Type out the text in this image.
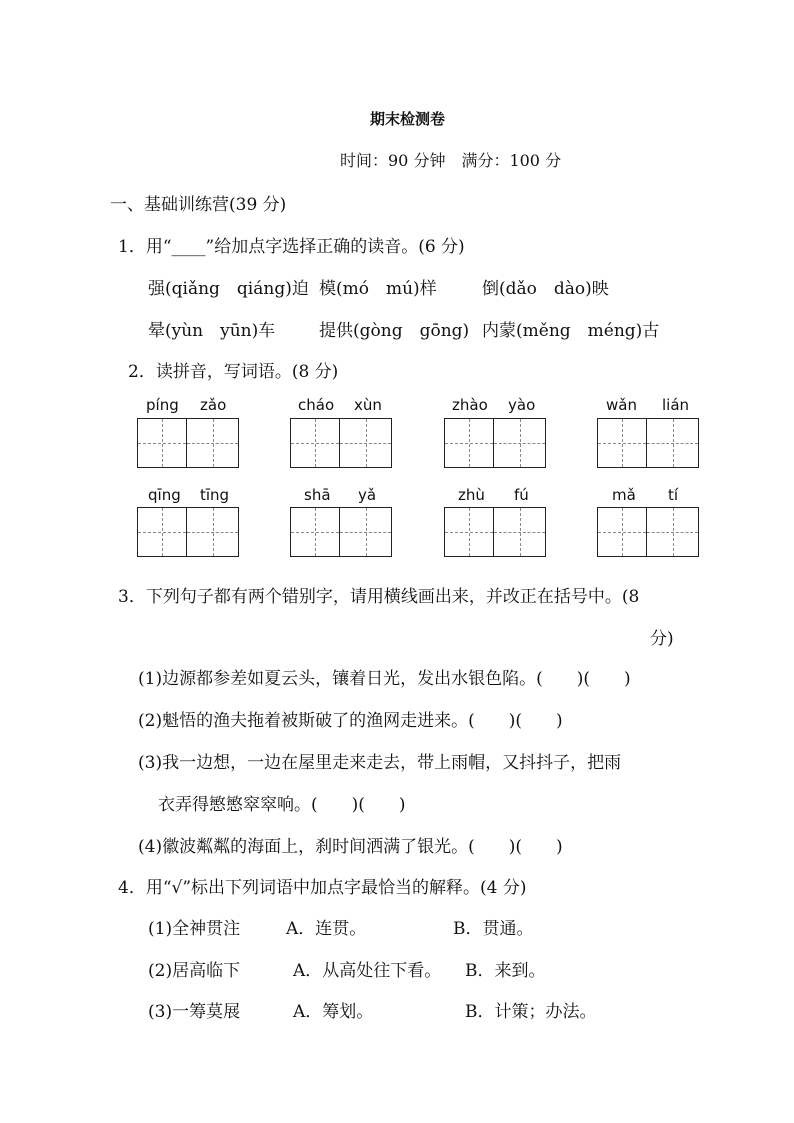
期末检测卷
时间：90 分钟　满分：100 分
一、基础训练营(39 分)
1．用“____”给加点字选择正确的读音。(6 分)
强(qiǎng　qiáng)迫 模(mó　mú)样	倒(dǎo　dào)映
晕(yùn　yūn)车	提供(gòng　gōng) 内蒙(měng　méng)古
2．读拼音，写词语。(8 分)
píng zǎo	cháo xùn	zhào yào	wǎn lián
qīng tīng	shā yǎ	zhù fú	mǎ tí
3．下列句子都有两个错别字，请用横线画出来，并改正在括号中。(8
分)
(1)边源都参差如夏云头，镶着日光，发出水银色陷。(　　)(　　)
(2)魁悟的渔夫拖着被斯破了的渔网走进来。(　　)(　　)
(3)我一边想，一边在屋里走来走去，带上雨帽，又抖抖子，把雨
衣弄得慜慜窣窣响。(　　)(　　)
(4)徽波粼粼的海面上，刹时间洒满了银光。(　　)(　　)
4．用“√”标出下列词语中加点字最恰当的解释。(4 分)
(1)全神贯注	A．连贯。	B．贯通。
(2)居高临下	A．从高处往下看。 B．来到。
(3)一筹莫展	A．筹划。	B．计策；办法。
